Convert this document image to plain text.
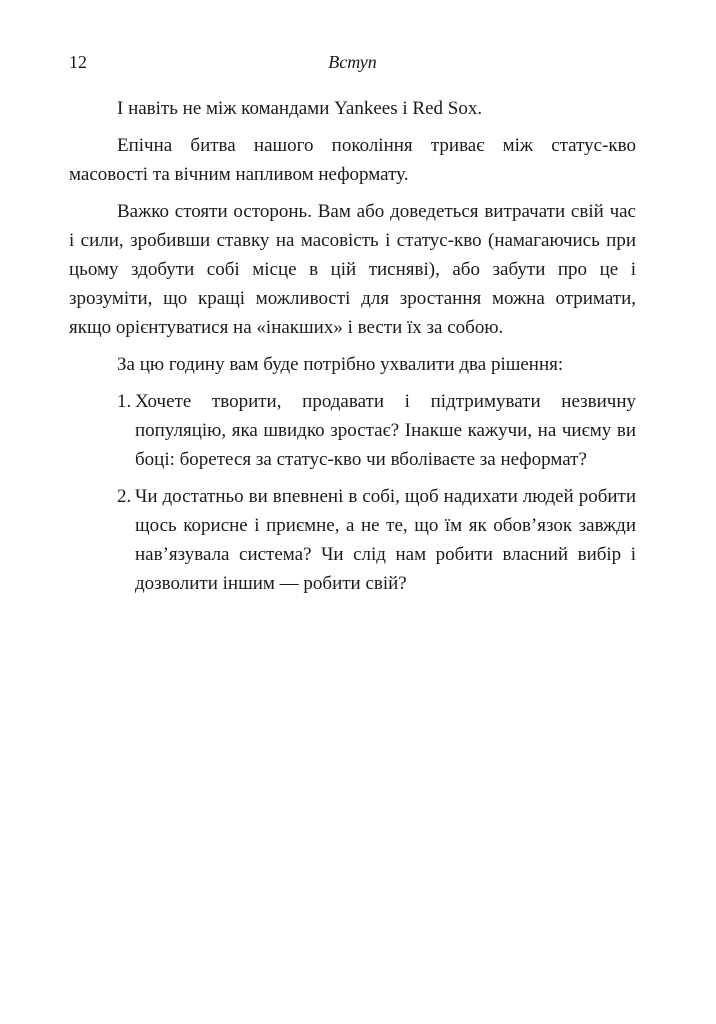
12	Вступ

І навіть не між командами Yankees і Red Sox.

Епічна битва нашого покоління триває між статус-кво масовості та вічним напливом неформату.

Важко стояти осторонь. Вам або доведеться витрачати свій час і сили, зробивши ставку на масовість і статус-кво (намагаючись при цьому здобути собі місце в цій тисняві), або забути про це і зрозуміти, що кращі можливості для зростання можна отримати, якщо орієнтуватися на «інакших» і вести їх за собою.

За цю годину вам буде потрібно ухвалити два рішення:

1. Хочете творити, продавати і підтримувати незвичну популяцію, яка швидко зростає? Інакше кажучи, на чиєму ви боці: боретеся за статус-кво чи вболіваєте за неформат?
2. Чи достатньо ви впевнені в собі, щоб надихати людей робити щось корисне і приємне, а не те, що їм як обов’язок завжди нав’язувала система? Чи слід нам робити власний вибір і дозволити іншим — робити свій?
